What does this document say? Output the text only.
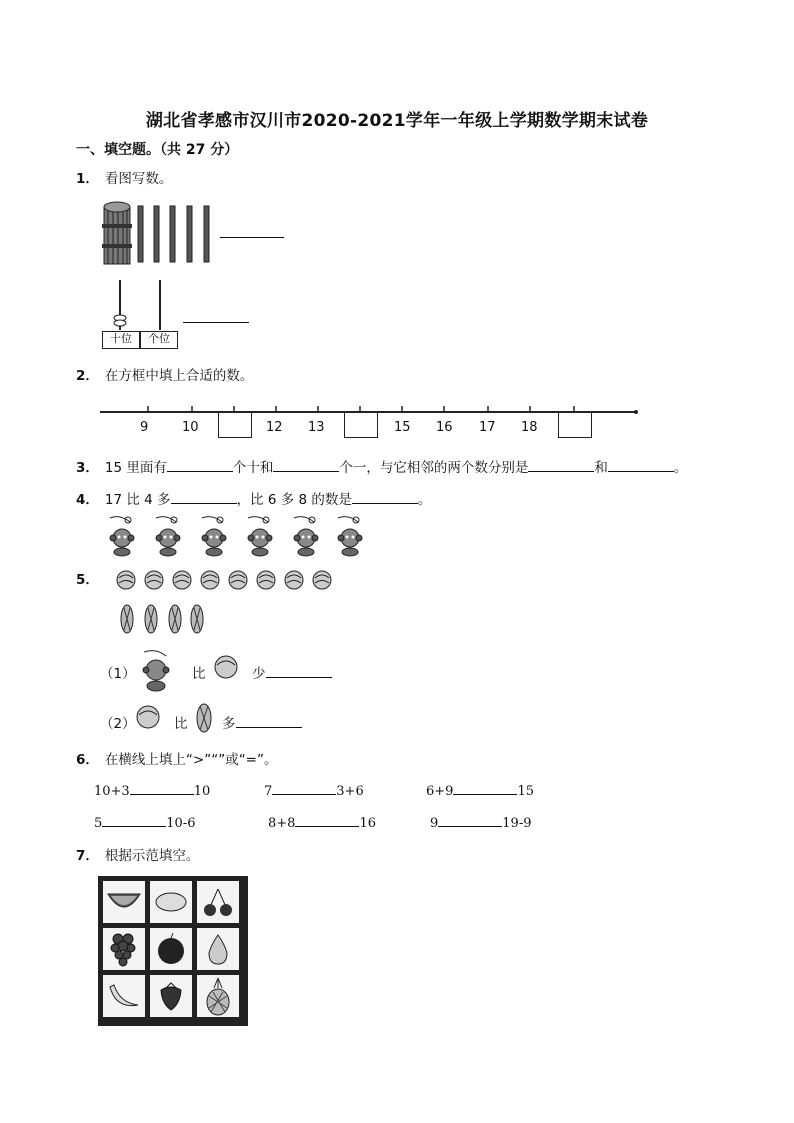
湖北省孝感市汉川市2020-2021学年一年级上学期数学期末试卷
一、填空题。（共 27 分）
1． 看图写数。
十位	个位
2． 在方框中填上合适的数。
9	10	12 13	15 16 17 18
3． 15 里面有	个十和	个一，与它相邻的两个数分别是	和	。
4． 17 比 4 多	，比 6 多 8 的数是	。
5．
（1）	比	少
（2）	比	多
6． 在横线上填上“>”“”或“=”。
10+3	10	7	3+6	6+9	15
5	10-6	8+8	16	9	19-9
7． 根据示范填空。
